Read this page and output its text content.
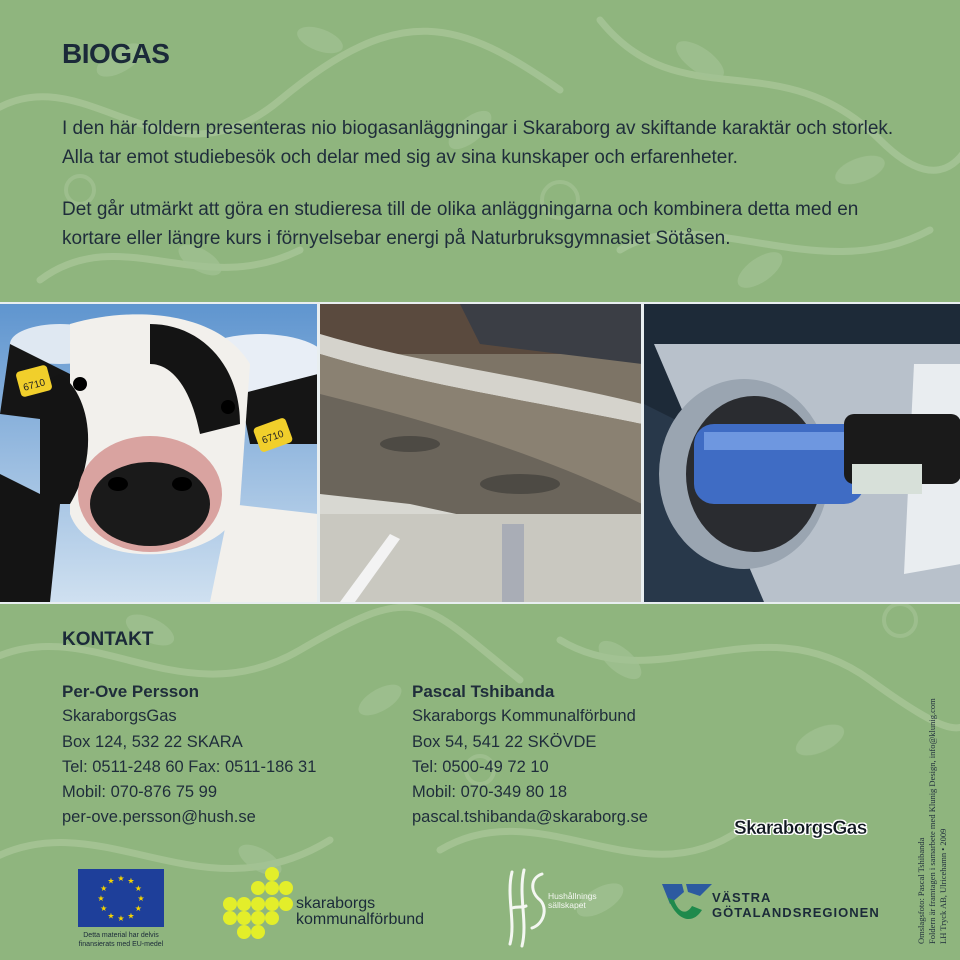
BIOGAS

I den här foldern presenteras nio biogasanläggningar i Skaraborg av skiftande karaktär och storlek.
Alla tar emot studiebesök och delar med sig av sina kunskaper och erfarenheter.

Det går utmärkt att göra en studieresa till de olika anläggningarna och kombinera detta med en kortare eller längre kurs i förnyelsebar energi på Naturbruksgymnasiet Sötåsen.

6710
6710
KONTAKT
Per-Ove Persson
SkaraborgsGas
Box 124, 532 22 SKARA
Tel: 0511-248 60 Fax: 0511-186 31
Mobil: 070-876 75 99
per-ove.persson@hush.se
Pascal Tshibanda
Skaraborgs Kommunalförbund
Box 54, 541 22 SKÖVDE
Tel: 0500-49 72 10
Mobil: 070-349 80 18
pascal.tshibanda@skaraborg.se
Omslagsfoto: Pascal Tshibanda Foldern är framtagen i samarbete med Klunig Design, info@klunig.com LH Tryck AB, Ulricehamn • 2009
SkaraborgsGas
★ ★
★
★
★
★
★
★
★
★
★
★
Detta material har delvis
finansierats med EU-medel
skaraborgs
kommunalförbund
Hushållnings
sällskapet	VÄSTRA
GÖTALANDSREGIONEN
